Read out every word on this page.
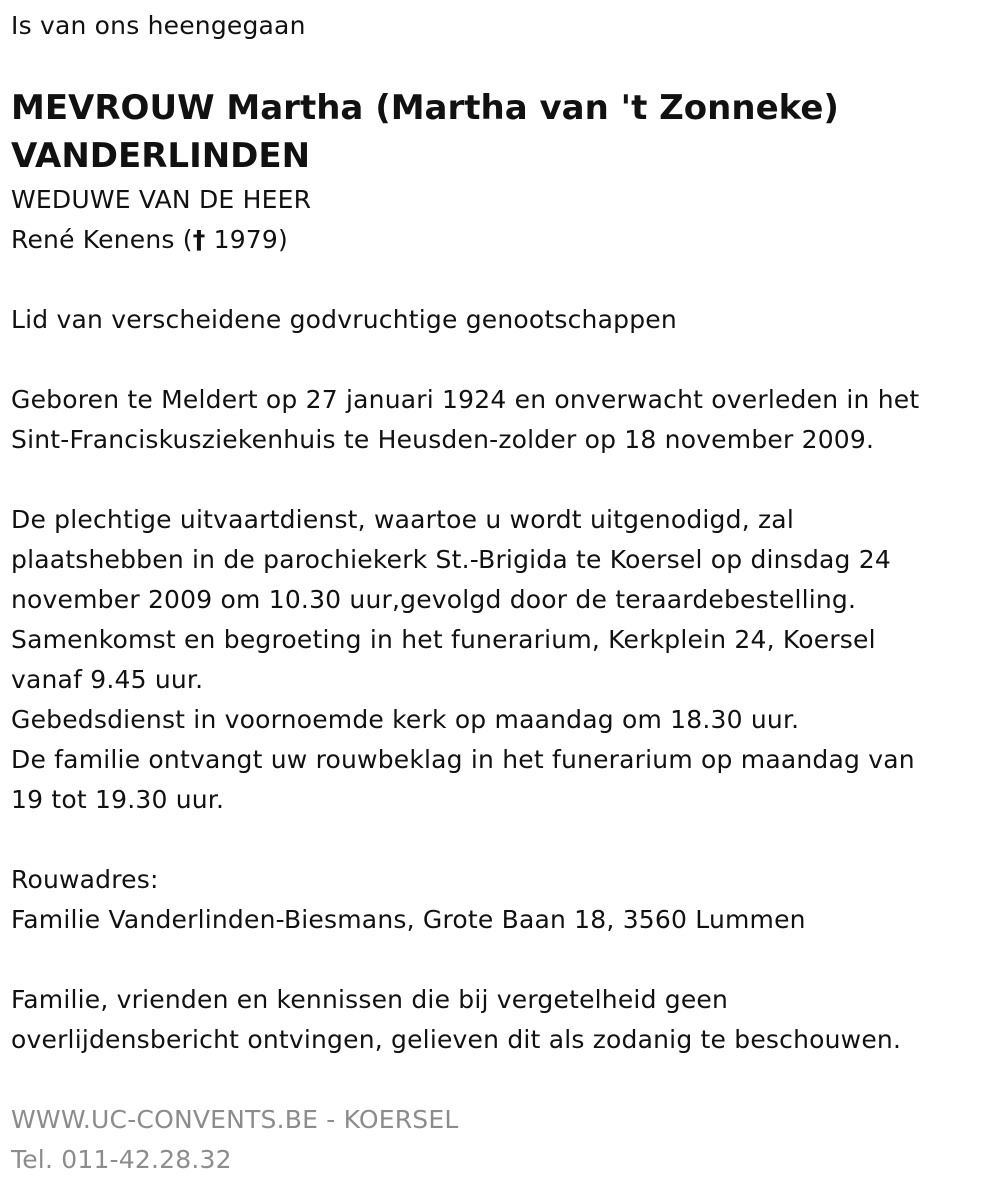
Is van ons heengegaan
MEVROUW Martha (Martha van 't Zonneke)
VANDERLINDEN
WEDUWE VAN DE HEER
René Kenens († 1979)
Lid van verscheidene godvruchtige genootschappen
Geboren te Meldert op 27 januari 1924 en onverwacht overleden in het
Sint-Franciskusziekenhuis te Heusden-zolder op 18 november 2009.
De plechtige uitvaartdienst, waartoe u wordt uitgenodigd, zal
plaatshebben in de parochiekerk St.-Brigida te Koersel op dinsdag 24
november 2009 om 10.30 uur,gevolgd door de teraardebestelling.
Samenkomst en begroeting in het funerarium, Kerkplein 24, Koersel
vanaf 9.45 uur.
Gebedsdienst in voornoemde kerk op maandag om 18.30 uur.
De familie ontvangt uw rouwbeklag in het funerarium op maandag van
19 tot 19.30 uur.
Rouwadres:
Familie Vanderlinden-Biesmans, Grote Baan 18, 3560 Lummen
Familie, vrienden en kennissen die bij vergetelheid geen
overlijdensbericht ontvingen, gelieven dit als zodanig te beschouwen.
WWW.UC-CONVENTS.BE - KOERSEL
Tel. 011-42.28.32
